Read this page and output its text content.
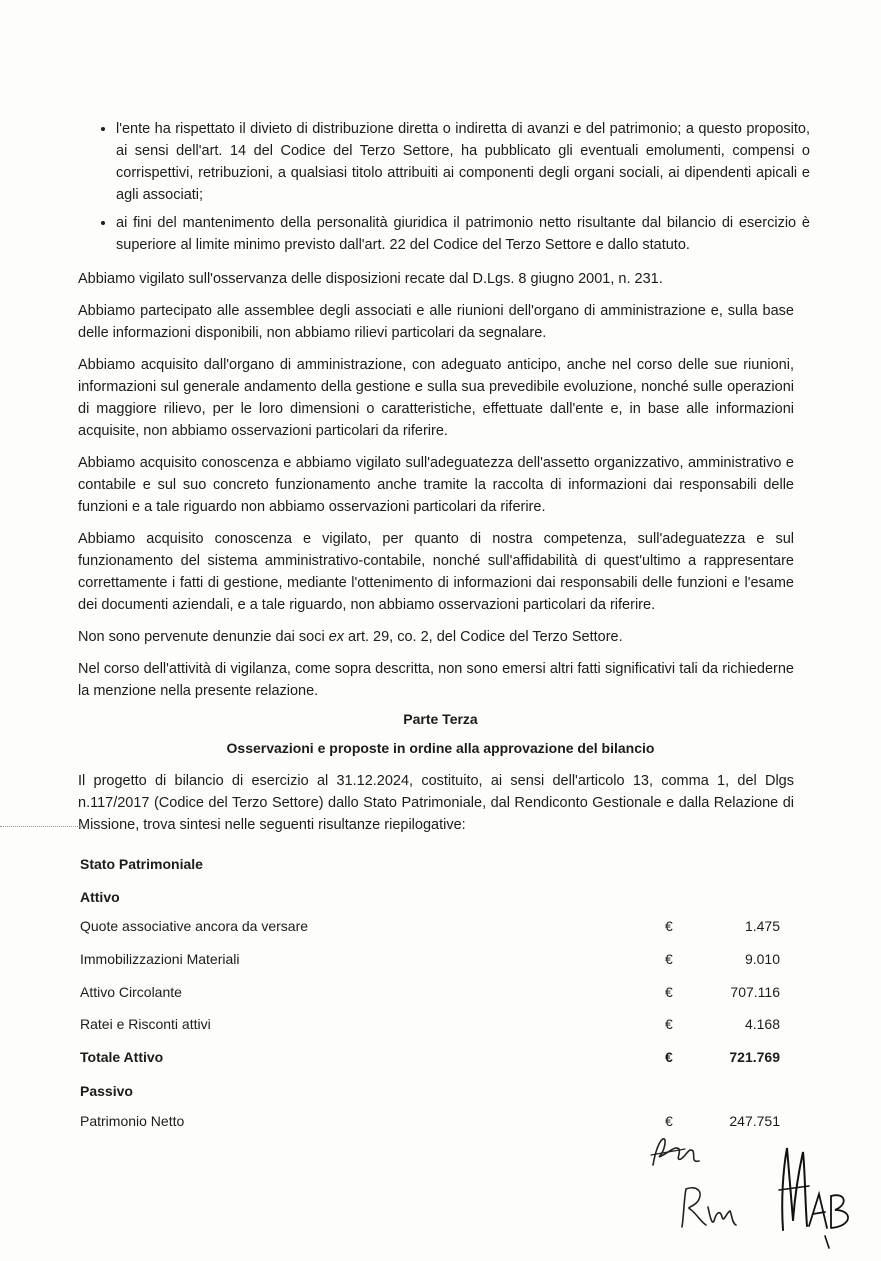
• l'ente ha rispettato il divieto di distribuzione diretta o indiretta di avanzi e del patrimonio; a questo proposito, ai sensi dell'art. 14 del Codice del Terzo Settore, ha pubblicato gli eventuali emolumenti, compensi o corrispettivi, retribuzioni, a qualsiasi titolo attribuiti ai componenti degli organi sociali, ai dipendenti apicali e agli associati;
• ai fini del mantenimento della personalità giuridica il patrimonio netto risultante dal bilancio di esercizio è superiore al limite minimo previsto dall'art. 22 del Codice del Terzo Settore e dallo statuto.

Abbiamo vigilato sull'osservanza delle disposizioni recate dal D.Lgs. 8 giugno 2001, n. 231.

Abbiamo partecipato alle assemblee degli associati e alle riunioni dell'organo di amministrazione e, sulla base delle informazioni disponibili, non abbiamo rilievi particolari da segnalare.

Abbiamo acquisito dall'organo di amministrazione, con adeguato anticipo, anche nel corso delle sue riunioni, informazioni sul generale andamento della gestione e sulla sua prevedibile evoluzione, nonché sulle operazioni di maggiore rilievo, per le loro dimensioni o caratteristiche, effettuate dall'ente e, in base alle informazioni acquisite, non abbiamo osservazioni particolari da riferire.

Abbiamo acquisito conoscenza e abbiamo vigilato sull'adeguatezza dell'assetto organizzativo, amministrativo e contabile e sul suo concreto funzionamento anche tramite la raccolta di informazioni dai responsabili delle funzioni e a tale riguardo non abbiamo osservazioni particolari da riferire.

Abbiamo acquisito conoscenza e vigilato, per quanto di nostra competenza, sull'adeguatezza e sul funzionamento del sistema amministrativo-contabile, nonché sull'affidabilità di quest'ultimo a rappresentare correttamente i fatti di gestione, mediante l'ottenimento di informazioni dai responsabili delle funzioni e l'esame dei documenti aziendali, e a tale riguardo, non abbiamo osservazioni particolari da riferire.

Non sono pervenute denunzie dai soci ex art. 29, co. 2, del Codice del Terzo Settore.

Nel corso dell'attività di vigilanza, come sopra descritta, non sono emersi altri fatti significativi tali da richiederne la menzione nella presente relazione.

Parte Terza
Osservazioni e proposte in ordine alla approvazione del bilancio
Il progetto di bilancio di esercizio al 31.12.2024, costituito, ai sensi dell'articolo 13, comma 1, del Dlgs n.117/2017 (Codice del Terzo Settore) dallo Stato Patrimoniale, dal Rendiconto Gestionale e dalla Relazione di Missione, trova sintesi nelle seguenti risultanze riepilogative:
Stato Patrimoniale
Attivo
Quote associative ancora da versare	€	1.475
Immobilizzazioni Materiali	€	9.010
Attivo Circolante	€	707.116
Ratei e Risconti attivi	€	4.168
Totale Attivo	€	721.769
Passivo
Patrimonio Netto	€	247.751
